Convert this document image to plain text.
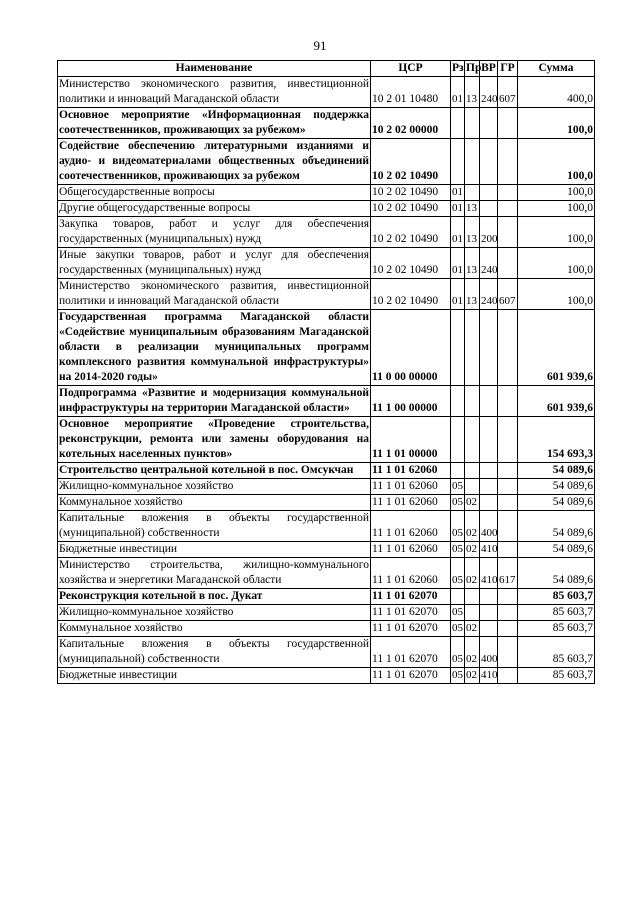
91
Наименование	ЦСР	Рз	Пр	ВР	ГР	Сумма
Министерство экономического развития, инвестиционной политики и инноваций Магаданской области	10 2 01 10480	01	13	240	607	400,0
Основное мероприятие «Информационная поддержка соотечественников, проживающих за рубежом»	10 2 02 00000					100,0
Содействие обеспечению литературными изданиями и аудио- и видеоматериалами общественных объединений соотечественников, проживающих за рубежом	10 2 02 10490					100,0
Общегосударственные вопросы	10 2 02 10490	01				100,0
Другие общегосударственные вопросы	10 2 02 10490	01	13			100,0
Закупка товаров, работ и услуг для обеспечения государственных (муниципальных) нужд	10 2 02 10490	01	13	200		100,0
Иные закупки товаров, работ и услуг для обеспечения государственных (муниципальных) нужд	10 2 02 10490	01	13	240		100,0
Министерство экономического развития, инвестиционной политики и инноваций Магаданской области	10 2 02 10490	01	13	240	607	100,0
Государственная программа Магаданской области «Содействие муниципальным образованиям Магаданской области в реализации муниципальных программ комплексного развития коммунальной инфраструктуры» на 2014-2020 годы»	11 0 00 00000					601 939,6
Подпрограмма «Развитие и модернизация коммунальной инфраструктуры на территории Магаданской области»	11 1 00 00000					601 939,6
Основное мероприятие «Проведение строительства, реконструкции, ремонта или замены оборудования на котельных населенных пунктов»	11 1 01 00000					154 693,3
Строительство центральной котельной в пос. Омсукчан	11 1 01 62060					54 089,6
Жилищно-коммунальное хозяйство	11 1 01 62060	05				54 089,6
Коммунальное хозяйство	11 1 01 62060	05	02			54 089,6
Капитальные вложения в объекты государственной (муниципальной) собственности	11 1 01 62060	05	02	400		54 089,6
Бюджетные инвестиции	11 1 01 62060	05	02	410		54 089,6
Министерство строительства, жилищно-коммунального хозяйства и энергетики Магаданской области	11 1 01 62060	05	02	410	617	54 089,6
Реконструкция котельной в пос. Дукат	11 1 01 62070					85 603,7
Жилищно-коммунальное хозяйство	11 1 01 62070	05				85 603,7
Коммунальное хозяйство	11 1 01 62070	05	02			85 603,7
Капитальные вложения в объекты государственной (муниципальной) собственности	11 1 01 62070	05	02	400		85 603,7
Бюджетные инвестиции	11 1 01 62070	05	02	410		85 603,7
